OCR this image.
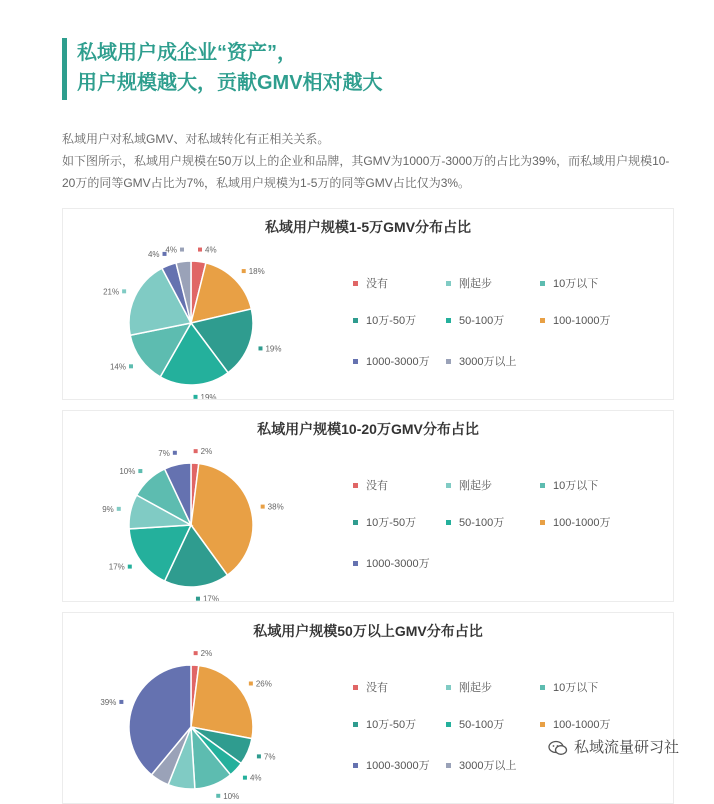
私域用户成企业“资产”，
用户规模越大，贡献GMV相对越大

私域用户对私域GMV、对私域转化有正相关关系。

如下图所示，私域用户规模在50万以上的企业和品牌，其GMV为1000万-3000万的占比为39%，而私域用户规模10-20万的同等GMV占比为7%，私域用户规模为1-5万的同等GMV占比仅为3%。

私域用户规模1-5万GMV分布占比
4%
18%
19%
19%
14%
21%
4% 4%
没有	刚起步	10万以下
10万-50万	50-100万	100-1000万
1000-3000万	3000万以上
私域用户规模10-20万GMV分布占比
2%
38%
17%
17%
9%
10%
7%
没有	刚起步	10万以下
10万-50万	50-100万	100-1000万
1000-3000万
私域用户规模50万以上GMV分布占比
2%
26%
7%
4%
10%
39%
没有	刚起步	10万以下
10万-50万	50-100万	100-1000万
1000-3000万	3000万以上
私域流量研习社
